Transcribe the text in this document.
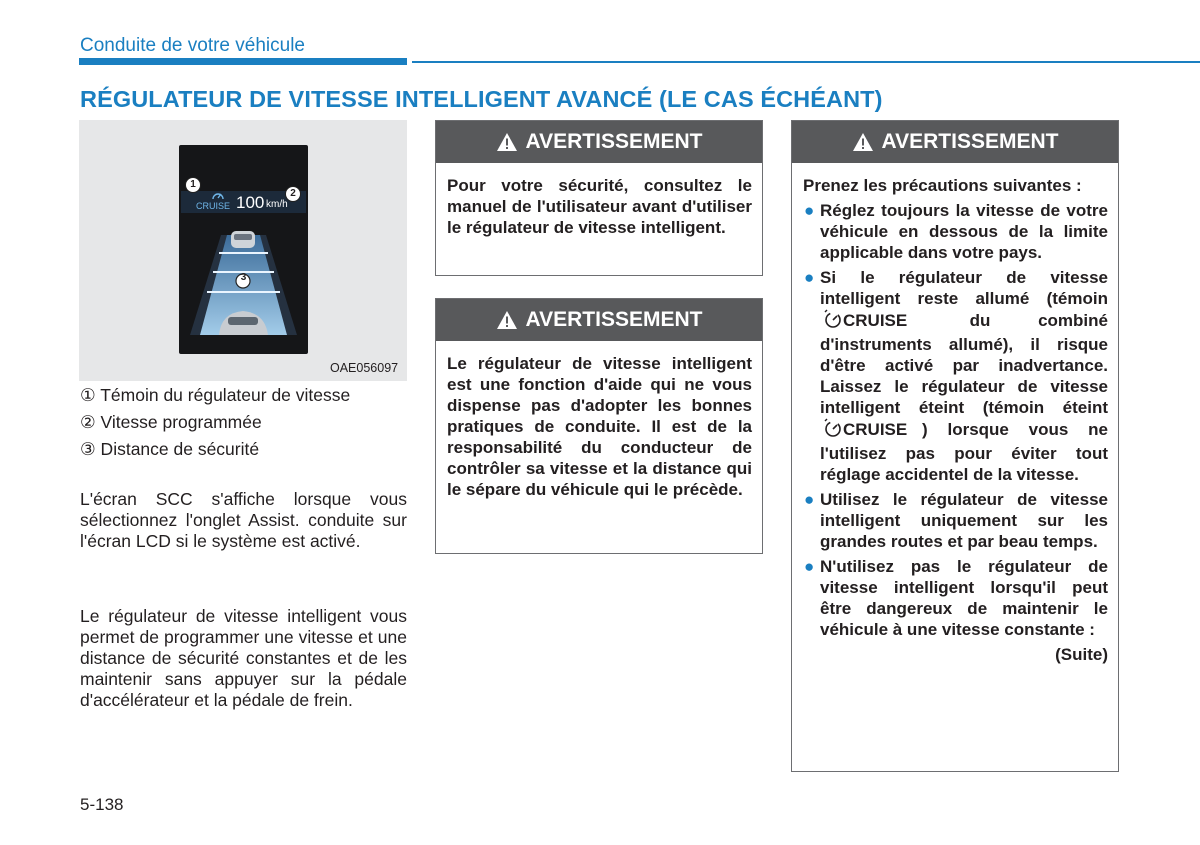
Conduite de votre véhicule
RÉGULATEUR DE VITESSE INTELLIGENT AVANCÉ (LE CAS ÉCHÉANT)
CRUISE 100 km/h
1
2
3
OAE056097
① Témoin du régulateur de vitesse
② Vitesse programmée
③ Distance de sécurité
L'écran SCC s'affiche lorsque vous sélectionnez l'onglet Assist. conduite sur l'écran LCD si le système est activé.
Le régulateur de vitesse intelligent vous permet de programmer une vitesse et une distance de sécurité constantes et de les maintenir sans appuyer sur la pédale d'accélérateur et la pédale de frein.
AVERTISSEMENT
Pour votre sécurité, consultez le manuel de l'utilisateur avant d'utiliser le régulateur de vitesse intelligent.
AVERTISSEMENT
Le régulateur de vitesse intelligent est une fonction d'aide qui ne vous dispense pas d'adopter les bonnes pratiques de conduite. Il est de la responsabilité du conducteur de contrôler sa vitesse et la distance qui le sépare du véhicule qui le précède.
AVERTISSEMENT
Prenez les précautions suivantes :
● Réglez toujours la vitesse de votre véhicule en dessous de la limite applicable dans votre pays.
● Si le régulateur de vitesse intelligent reste allumé (témoin
CRUISE	du combiné d'instruments allumé), il risque d'être activé par inadvertance. Laissez le régulateur de vitesse intelligent éteint (témoin éteint
CRUISE ) lorsque vous ne l'utilisez pas pour éviter tout réglage accidentel de la vitesse.
● Utilisez le régulateur de vitesse intelligent uniquement sur les grandes routes et par beau temps.
● N'utilisez pas le régulateur de vitesse intelligent lorsqu'il peut être dangereux de maintenir le véhicule à une vitesse constante :
(Suite)
5-138
